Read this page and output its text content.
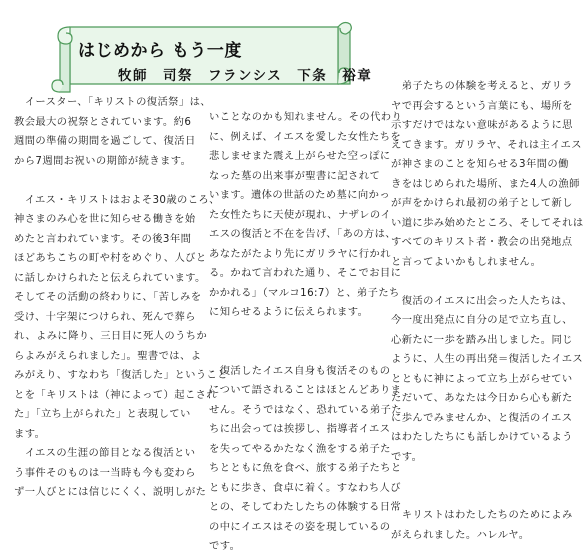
はじめから もう一度
牧師　司祭　フランシス　下条　裕章
　イースター、「キリストの復活祭」は、
教会最大の祝祭とされています。約6
週間の準備の期間を過ごして、復活日
から7週間お祝いの期節が続きます。
　イエス・キリストはおよそ30歳のころ、
神さまのみ心を世に知らせる働きを始
めたと言われています。その後3年間
ほどあちこちの町や村をめぐり、人びと
に話しかけられたと伝えられています。
そしてその活動の終わりに、「苦しみを
受け、十字架につけられ、死んで葬ら
れ、よみに降り、三日目に死人のうちか
らよみがえられました」。聖書では、よ
みがえり、すなわち「復活した」ということ
とを「キリストは（神によって）起こされ
た」「立ち上がられた」と表現してい
ます。
　イエスの生涯の節目となる復活とい
う事件そのものは一当時も今も変わら
ず一人びとには信じにくく、説明しがた
いことなのかも知れません。その代わり
に、例えば、イエスを愛した女性たちを
悲しませまた震え上がらせた空っぽに
なった墓の出来事が聖書に記されて
います。遺体の世話のため墓に向かっ
た女性たちに天使が現れ、ナザレのイ
エスの復活と不在を告げ、「あの方は、
あなたがたより先にガリラヤに行かれ
る。かねて言われた通り、そこでお目に
かかれる」（マルコ16:7）と、弟子たち
に知らせるように伝えられます。
　復活したイエス自身も復活そのもの
について語されることはほとんどありま
せん。そうではなく、恐れている弟子た
ちに出会っては挨拶し、指導者イエス
を失ってやるかたなく漁をする弟子た
ちとともに魚を食べ、旅する弟子たちと
ともに歩き、食卓に着く。すなわち人び
との、そしてわたしたちの体験する日常
の中にイエスはその姿を現しているの
です。
　弟子たちの体験を考えると、ガリラ
ヤで再会するという言葉にも、場所を
示すだけではない意味があるように思
えてきます。ガリラヤ、それは主イエス
が神さまのことを知らせる3年間の働
きをはじめられた場所、また4人の漁師
が声をかけられ最初の弟子として新し
い道に歩み始めたところ、そしてそれは
すべてのキリスト者・教会の出発地点
と言ってよいかもしれません。
　復活のイエスに出会った人たちは、
今一度出発点に自分の足で立ち直し、
心新たに一歩を踏み出しました。同じ
ように、人生の再出発＝復活したイエス
とともに神によって立ち上がらせてい
ただいて、あなたは今日から心も新た
に歩んでみませんか、と復活のイエス
はわたしたちにも話しかけているよう
です。
　キリストはわたしたちのためによみ
がえられました。ハレルヤ。
